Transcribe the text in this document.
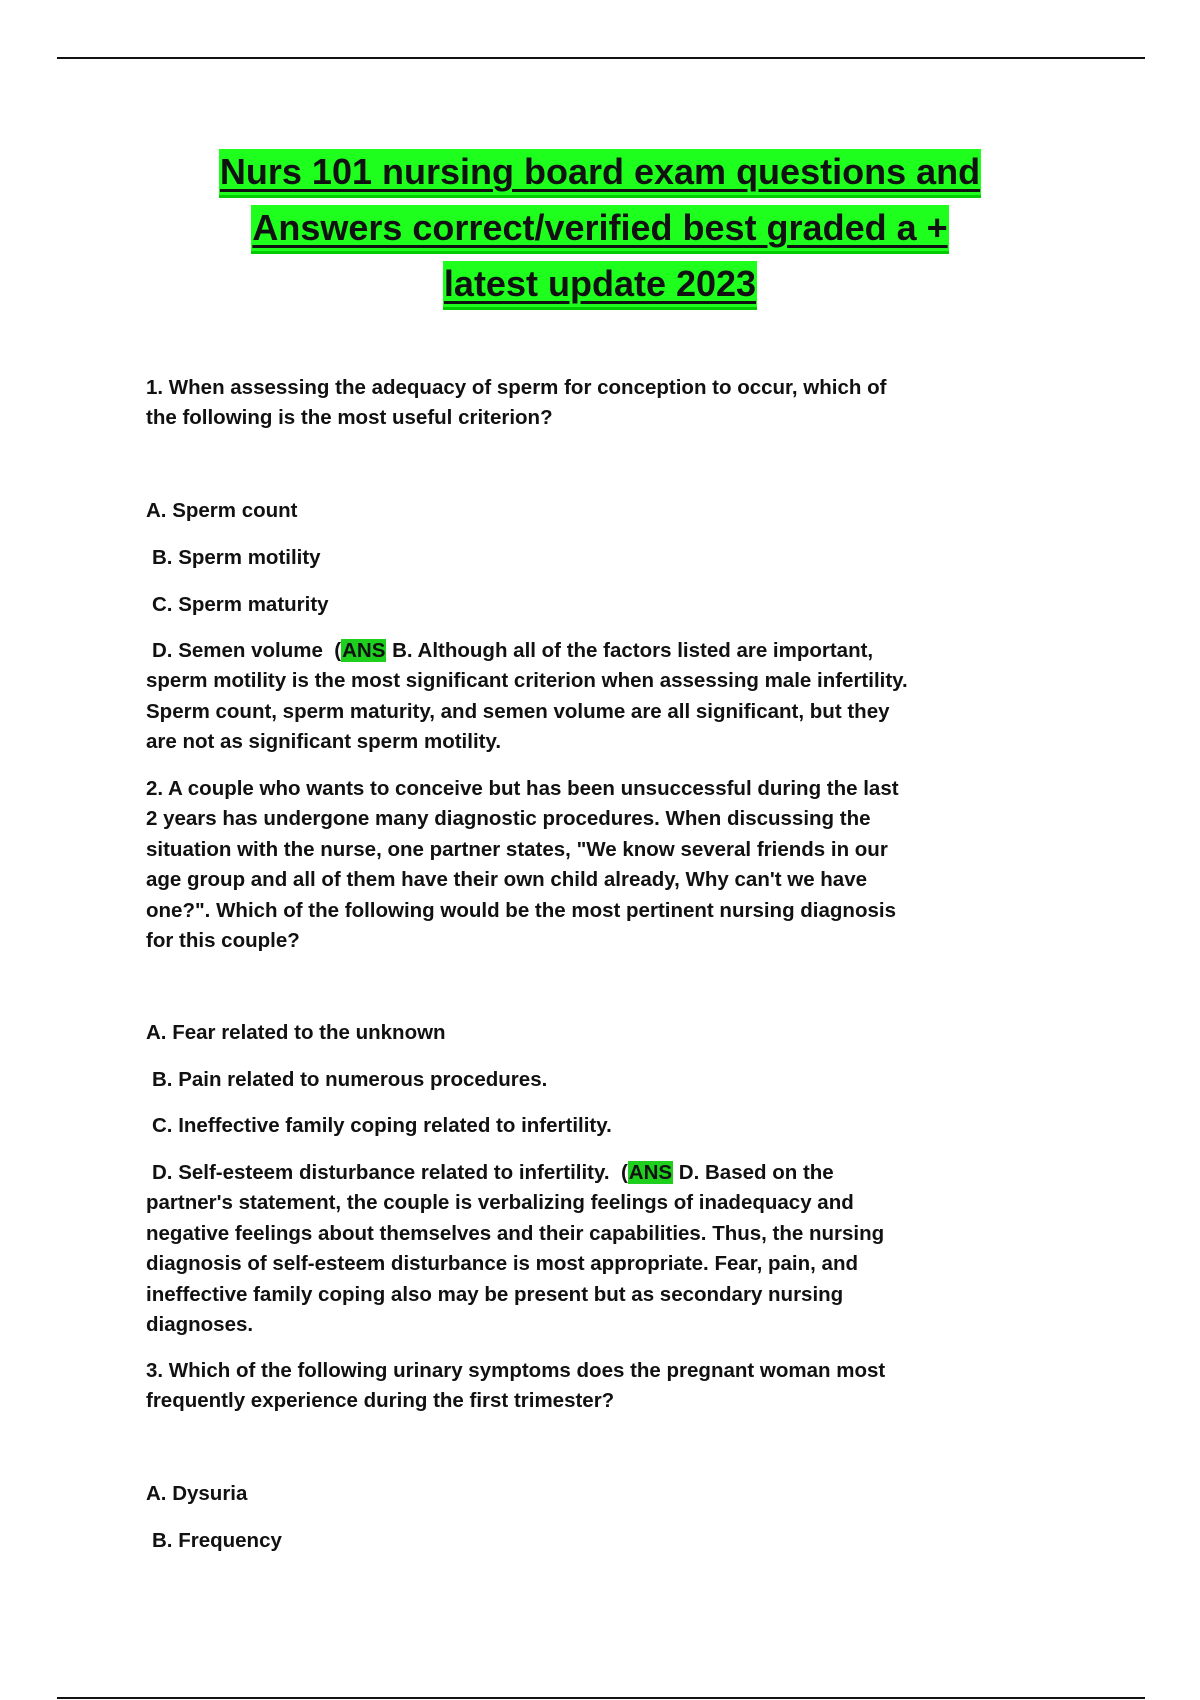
Nurs 101 nursing board exam questions and
Answers correct/verified best graded a +
latest update 2023
1. When assessing the adequacy of sperm for conception to occur, which of
the following is the most useful criterion?
A. Sperm count
B. Sperm motility
C. Sperm maturity
D. Semen volume  (ANS B. Although all of the factors listed are important,
sperm motility is the most significant criterion when assessing male infertility.
Sperm count, sperm maturity, and semen volume are all significant, but they
are not as significant sperm motility.
2. A couple who wants to conceive but has been unsuccessful during the last
2 years has undergone many diagnostic procedures. When discussing the
situation with the nurse, one partner states, "We know several friends in our
age group and all of them have their own child already, Why can't we have
one?". Which of the following would be the most pertinent nursing diagnosis
for this couple?
A. Fear related to the unknown
B. Pain related to numerous procedures.
C. Ineffective family coping related to infertility.
D. Self-esteem disturbance related to infertility.  (ANS D. Based on the
partner's statement, the couple is verbalizing feelings of inadequacy and
negative feelings about themselves and their capabilities. Thus, the nursing
diagnosis of self-esteem disturbance is most appropriate. Fear, pain, and
ineffective family coping also may be present but as secondary nursing
diagnoses.
3. Which of the following urinary symptoms does the pregnant woman most
frequently experience during the first trimester?
A. Dysuria
B. Frequency
